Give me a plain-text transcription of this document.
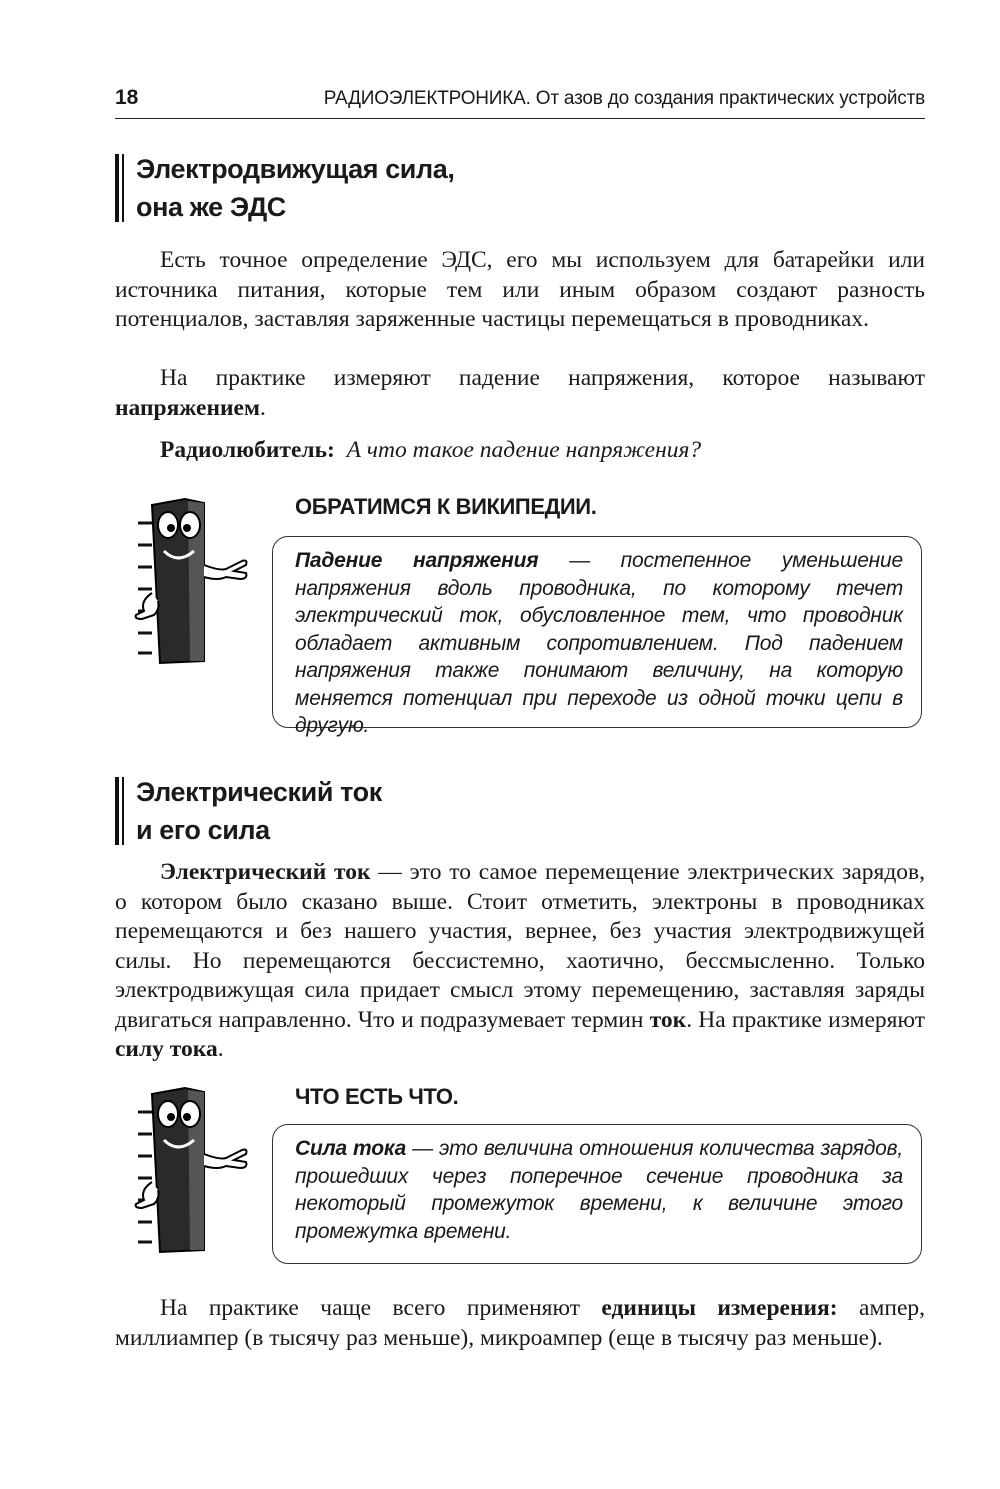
18	РАДИОЭЛЕКТРОНИКА. От азов до создания практических устройств
Электродвижущая сила,
она же ЭДС

Есть точное определение ЭДС, его мы используем для батарейки или источника питания, которые тем или иным образом создают разность потенциалов, заставляя заряженные частицы перемещаться в проводниках.

На практике измеряют падение напряжения, которое называют напряжением.

Радиолюбитель: А что такое падение напряжения?
ОБРАТИМСЯ К ВИКИПЕДИИ.
Падение напряжения — постепенное уменьшение напряжения вдоль проводника, по которому течет электрический ток, обусловленное тем, что проводник обладает активным сопротивлением. Под падением напряжения также понимают величину, на которую меняется потенциал при переходе из одной точки цепи в другую.
Электрический ток
и его сила

Электрический ток — это то самое перемещение электрических зарядов, о котором было сказано выше. Стоит отметить, электроны в проводниках перемещаются и без нашего участия, вернее, без участия электродвижущей силы. Но перемещаются бессистемно, хаотично, бессмысленно. Только электродвижущая сила придает смысл этому перемещению, заставляя заряды двигаться направленно. Что и подразумевает термин ток. На практике измеряют силу тока.

ЧТО ЕСТЬ ЧТО.
Сила тока — это величина отношения количества зарядов, прошедших через поперечное сечение проводника за некоторый промежуток времени, к величине этого промежутка времени.

На практике чаще всего применяют единицы измерения: ампер, миллиампер (в тысячу раз меньше), микроампер (еще в тысячу раз меньше).
